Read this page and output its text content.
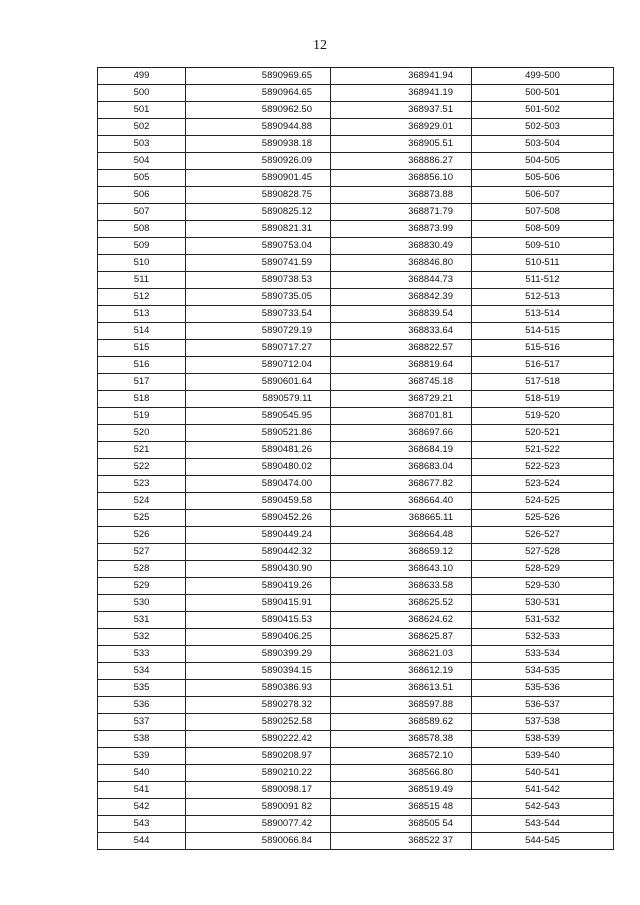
12
499	5890969.65	368941.94	499-500
500	5890964.65	368941.19	500-501
501	5890962.50	368937.51	501-502
502	5890944.88	368929.01	502-503
503	5890938.18	368905.51	503-504
504	5890926.09	368886.27	504-505
505	5890901.45	368856.10	505-506
506	5890828.75	368873.88	506-507
507	5890825.12	368871.79	507-508
508	5890821.31	368873.99	508-509
509	5890753.04	368830.49	509-510
510	5890741.59	368846.80	510-511
511	5890738.53	368844.73	511-512
512	5890735.05	368842.39	512-513
513	5890733.54	368839.54	513-514
514	5890729.19	368833.64	514-515
515	5890717.27	368822.57	515-516
516	5890712.04	368819.64	516-517
517	5890601.64	368745.18	517-518
518	5890579.11	368729.21	518-519
519	5890545.95	368701.81	519-520
520	5890521.86	368697.66	520-521
521	5890481.26	368684.19	521-522
522	5890480.02	368683.04	522-523
523	5890474.00	368677.82	523-524
524	5890459.58	368664.40	524-525
525	5890452.26	368665.11	525-526
526	5890449.24	368664.48	526-527
527	5890442.32	368659.12	527-528
528	5890430.90	368643.10	528-529
529	5890419.26	368633.58	529-530
530	5890415.91	368625.52	530-531
531	5890415.53	368624.62	531-532
532	5890406.25	368625.87	532-533
533	5890399.29	368621.03	533-534
534	5890394.15	368612.19	534-535
535	5890386.93	368613.51	535-536
536	5890278.32	368597.88	536-537
537	5890252.58	368589.62	537-538
538	5890222.42	368578.38	538-539
539	5890208.97	368572.10	539-540
540	5890210.22	368566.80	540-541
541	5890098.17	368519.49	541-542
542	5890091 82	368515 48	542-543
543	5890077.42	368505 54	543-544
544	5890066.84	368522 37	544-545
